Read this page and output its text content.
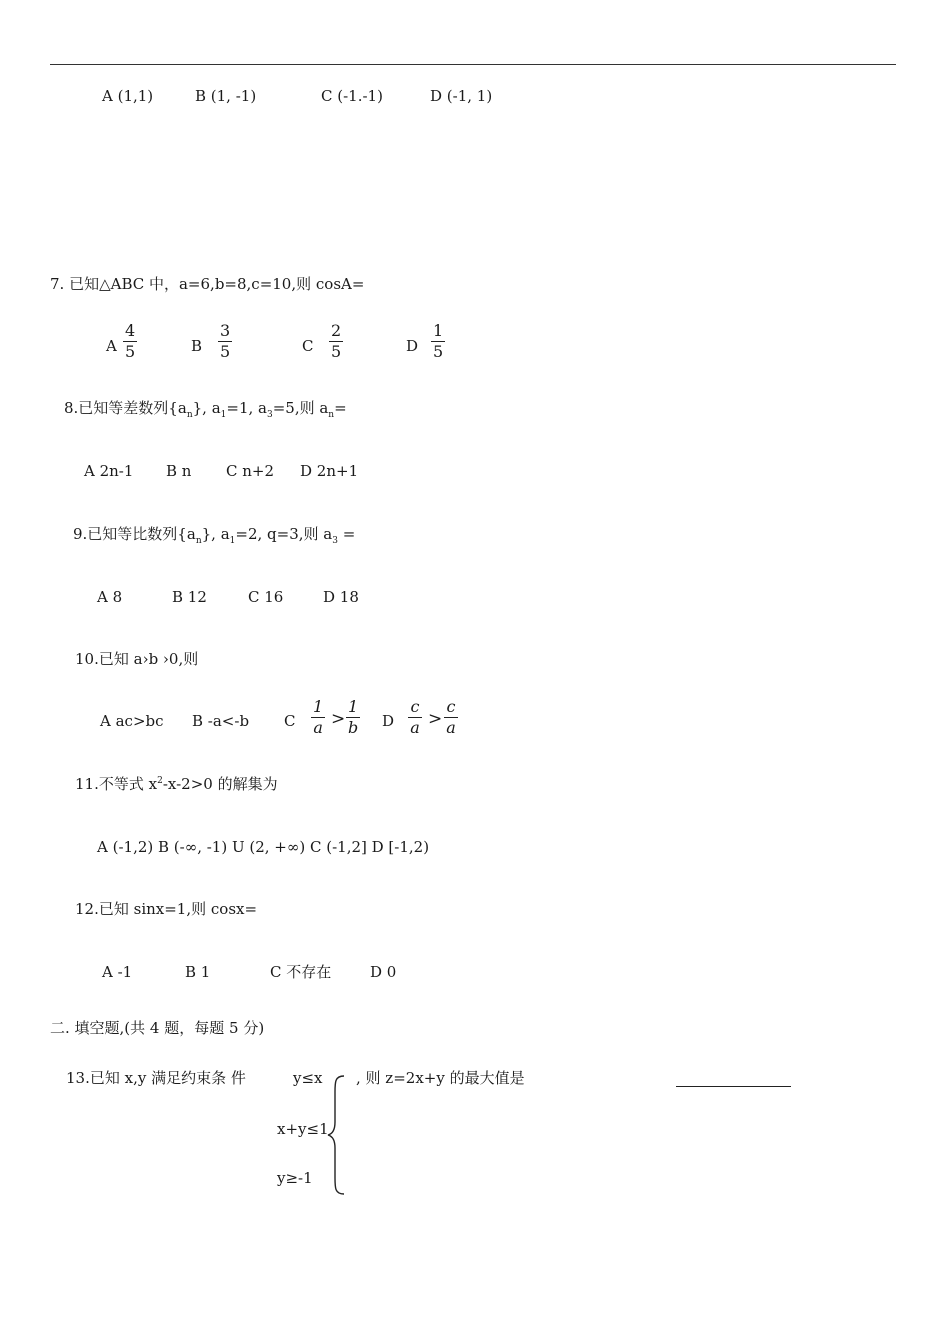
A (1,1)	B (1, -1)	C (-1.-1)	D (-1, 1)
7. 已知△ABC 中，a=6,b=8,c=10,则 cosA=
A
4
5	B
3
5	C
2
5	D
1
5
8.已知等差数列$\{a_n\}$, $a_1=1$, $a_3=5$,则 $a_n=$
A 2n-1 B n C n+2 D 2n+1
9.已知等比数列$\{a_n\}$, $a_1=2$, q=3,则 $a_3$ =
A 8	B 12	C 16	D 18
10.已知 a›b ›0,则
A ac>bc B -a<-b C
1
a >
1
b D
c
a >
c
a
11.不等式 $x^2-x-2>0$ 的解集为
A (-1,2) B (-∞, -1) U (2, +∞) C (-1,2] D [-1,2)
12.已知 sinx=1,则 cosx=
A -1	B 1	C 不存在	D 0
二. 填空题,(共 4 题，每题 5 分)
13.已知 x,y 满足约束条 件	y≤x , 则 z=2x+y 的最大值是
x+y≤1
y≥-1
